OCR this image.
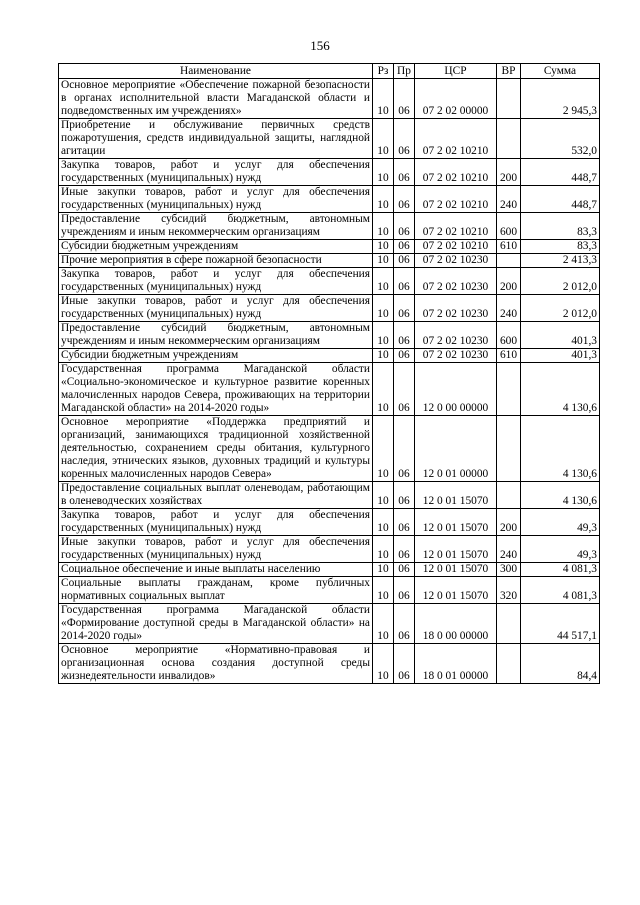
156
Наименование	Рз	Пр	ЦСР	ВР	Сумма
Основное мероприятие «Обеспечение пожарной безопасности в органах исполнительной власти Магаданской области и подведомственных им учреждениях»	10	06	07 2 02 00000		2 945,3
Приобретение и обслуживание первичных средств пожаротушения, средств индивидуальной защиты, наглядной агитации	10	06	07 2 02 10210		532,0
Закупка товаров, работ и услуг для обеспечения государственных (муниципальных) нужд	10	06	07 2 02 10210	200	448,7
Иные закупки товаров, работ и услуг для обеспечения государственных (муниципальных) нужд	10	06	07 2 02 10210	240	448,7
Предоставление субсидий бюджетным, автономным учреждениям и иным некоммерческим организациям	10	06	07 2 02 10210	600	83,3
Субсидии бюджетным учреждениям	10	06	07 2 02 10210	610	83,3
Прочие мероприятия в сфере пожарной безопасности	10	06	07 2 02 10230		2 413,3
Закупка товаров, работ и услуг для обеспечения государственных (муниципальных) нужд	10	06	07 2 02 10230	200	2 012,0
Иные закупки товаров, работ и услуг для обеспечения государственных (муниципальных) нужд	10	06	07 2 02 10230	240	2 012,0
Предоставление субсидий бюджетным, автономным учреждениям и иным некоммерческим организациям	10	06	07 2 02 10230	600	401,3
Субсидии бюджетным учреждениям	10	06	07 2 02 10230	610	401,3
Государственная программа Магаданской области «Социально-экономическое и культурное развитие коренных малочисленных народов Севера, проживающих на территории Магаданской области» на 2014-2020 годы»	10	06	12 0 00 00000		4 130,6
Основное мероприятие «Поддержка предприятий и организаций, занимающихся традиционной хозяйственной деятельностью, сохранением среды обитания, культурного наследия, этнических языков, духовных традиций и культуры коренных малочисленных народов Севера»	10	06	12 0 01 00000		4 130,6
Предоставление социальных выплат оленеводам, работающим в оленеводческих хозяйствах	10	06	12 0 01 15070		4 130,6
Закупка товаров, работ и услуг для обеспечения государственных (муниципальных) нужд	10	06	12 0 01 15070	200	49,3
Иные закупки товаров, работ и услуг для обеспечения государственных (муниципальных) нужд	10	06	12 0 01 15070	240	49,3
Социальное обеспечение и иные выплаты населению	10	06	12 0 01 15070	300	4 081,3
Социальные выплаты гражданам, кроме публичных нормативных социальных выплат	10	06	12 0 01 15070	320	4 081,3
Государственная программа Магаданской области «Формирование доступной среды в Магаданской области» на 2014-2020 годы»	10	06	18 0 00 00000		44 517,1
Основное мероприятие «Нормативно-правовая и организационная основа создания доступной среды жизнедеятельности инвалидов»	10	06	18 0 01 00000		84,4
